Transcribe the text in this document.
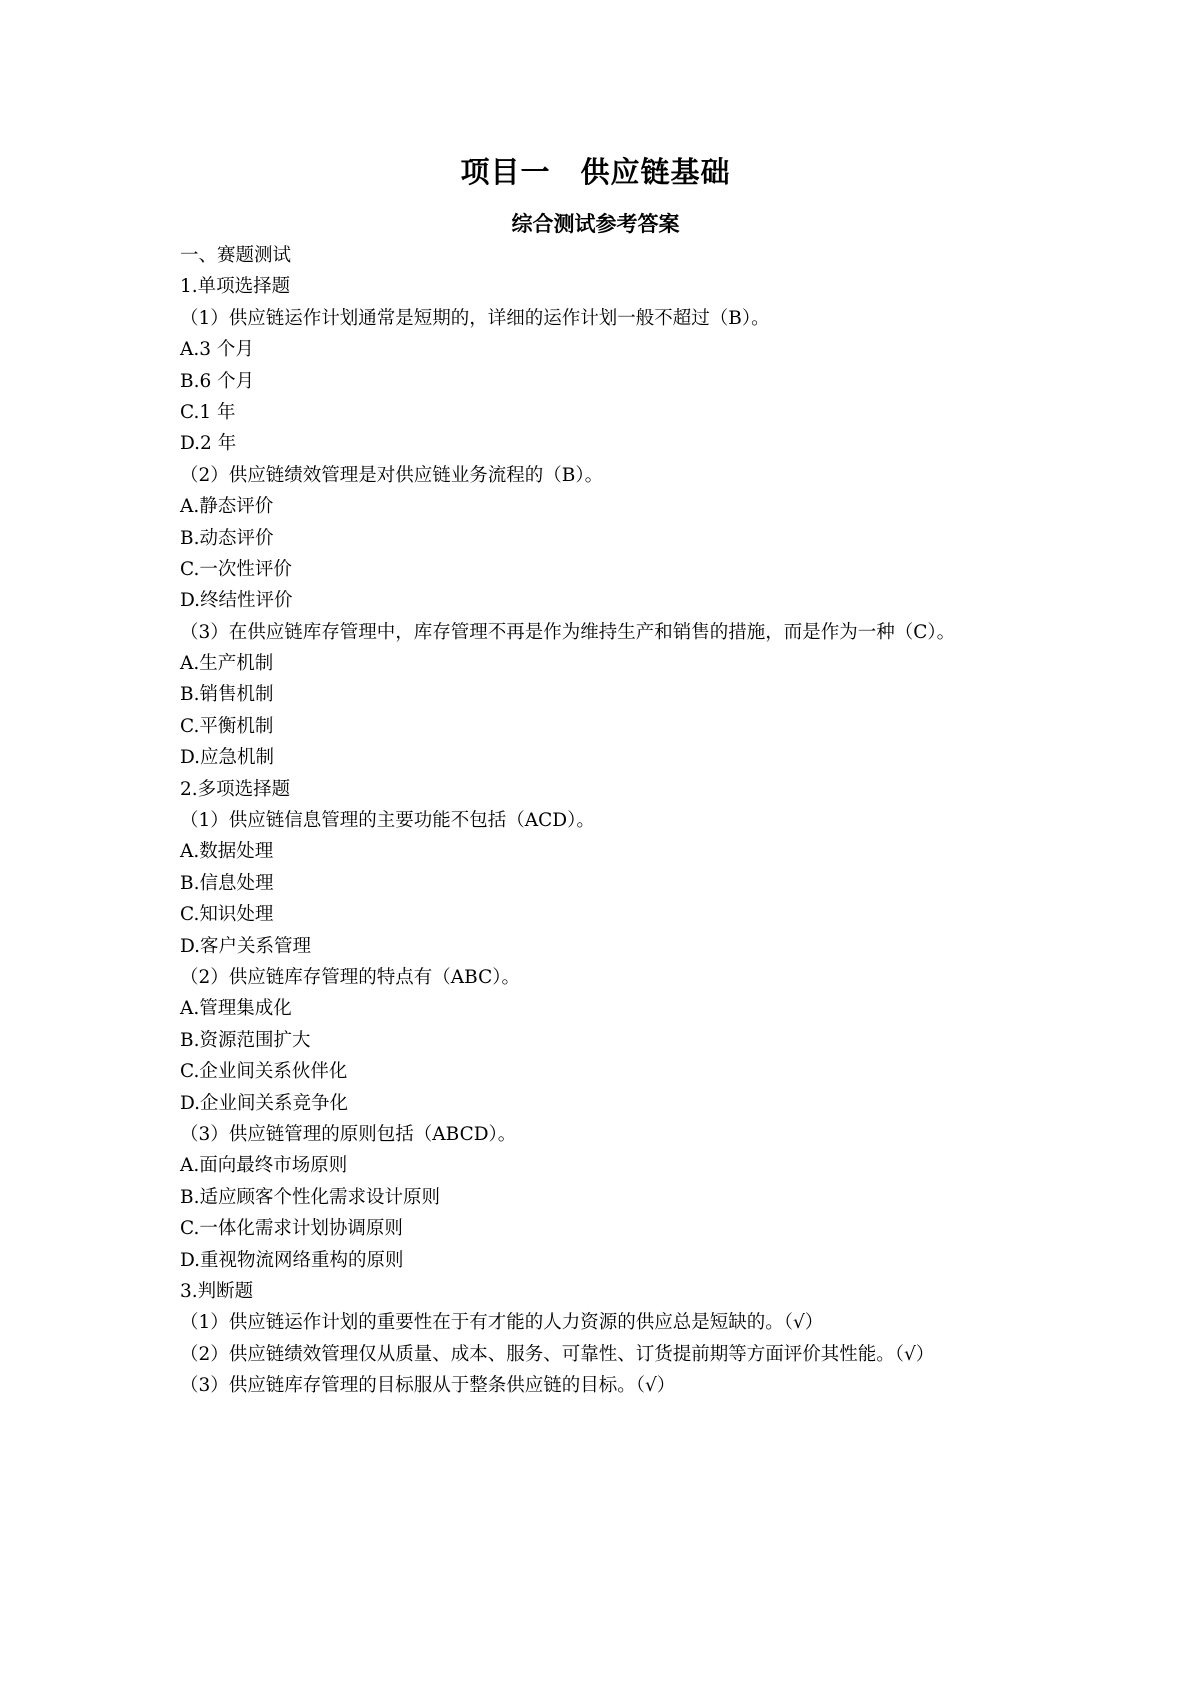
项目一　供应链基础
综合测试参考答案
一、赛题测试
1.单项选择题
（1）供应链运作计划通常是短期的，详细的运作计划一般不超过（B）。
A.3 个月
B.6 个月
C.1 年
D.2 年
（2）供应链绩效管理是对供应链业务流程的（B）。
A.静态评价
B.动态评价
C.一次性评价
D.终结性评价
（3）在供应链库存管理中，库存管理不再是作为维持生产和销售的措施，而是作为一种（C）。
A.生产机制
B.销售机制
C.平衡机制
D.应急机制
2.多项选择题
（1）供应链信息管理的主要功能不包括（ACD）。
A.数据处理
B.信息处理
C.知识处理
D.客户关系管理
（2）供应链库存管理的特点有（ABC）。
A.管理集成化
B.资源范围扩大
C.企业间关系伙伴化
D.企业间关系竞争化
（3）供应链管理的原则包括（ABCD）。
A.面向最终市场原则
B.适应顾客个性化需求设计原则
C.一体化需求计划协调原则
D.重视物流网络重构的原则
3.判断题
（1）供应链运作计划的重要性在于有才能的人力资源的供应总是短缺的。（√）
（2）供应链绩效管理仅从质量、成本、服务、可靠性、订货提前期等方面评价其性能。（√）
（3）供应链库存管理的目标服从于整条供应链的目标。（√）
